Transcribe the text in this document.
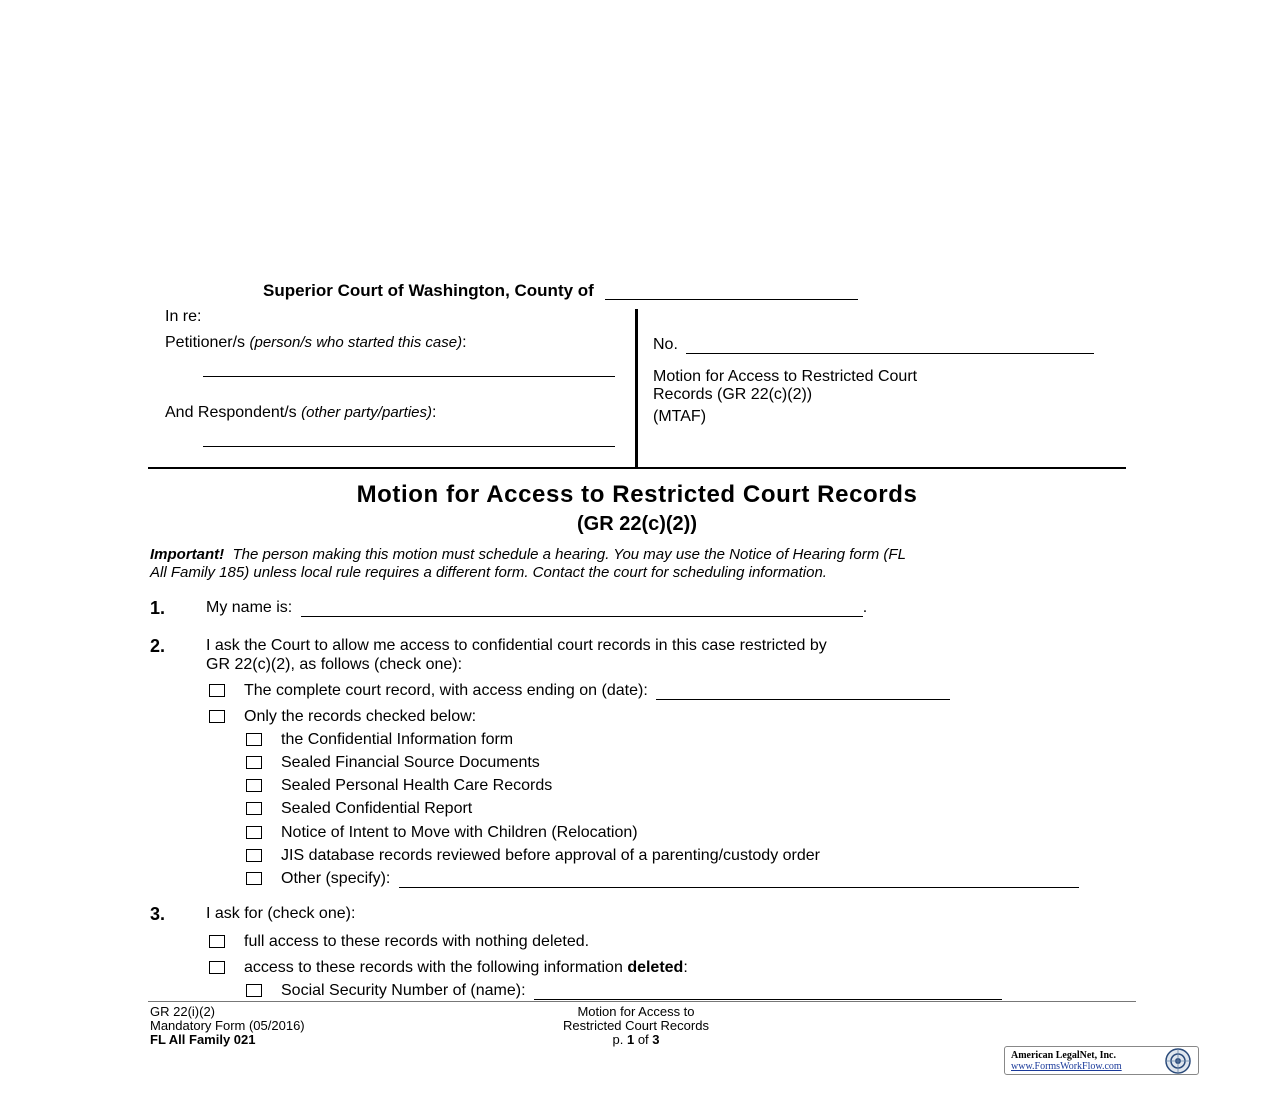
Superior Court of Washington, County of
In re:
Petitioner/s (person/s who started this case):
And Respondent/s (other party/parties):
No.
Motion for Access to Restricted Court
Records (GR 22(c)(2))
(MTAF)
Motion for Access to Restricted Court Records
(GR 22(c)(2))
Important! The person making this motion must schedule a hearing. You may use the Notice of Hearing form (FL
All Family 185) unless local rule requires a different form. Contact the court for scheduling information.
1.	My name is:	.
2.	I ask the Court to allow me access to confidential court records in this case restricted by
GR 22(c)(2), as follows (check one):
The complete court record, with access ending on (date):
Only the records checked below:
the Confidential Information form
Sealed Financial Source Documents
Sealed Personal Health Care Records
Sealed Confidential Report
Notice of Intent to Move with Children (Relocation)
JIS database records reviewed before approval of a parenting/custody order
Other (specify):
3.	I ask for (check one):
full access to these records with nothing deleted.
access to these records with the following information deleted:
Social Security Number of (name):
GR 22(i)(2)
Mandatory Form (05/2016)
FL All Family 021
Motion for Access to
Restricted Court Records
p. 1 of 3
American LegalNet, Inc.
www.FormsWorkFlow.com
